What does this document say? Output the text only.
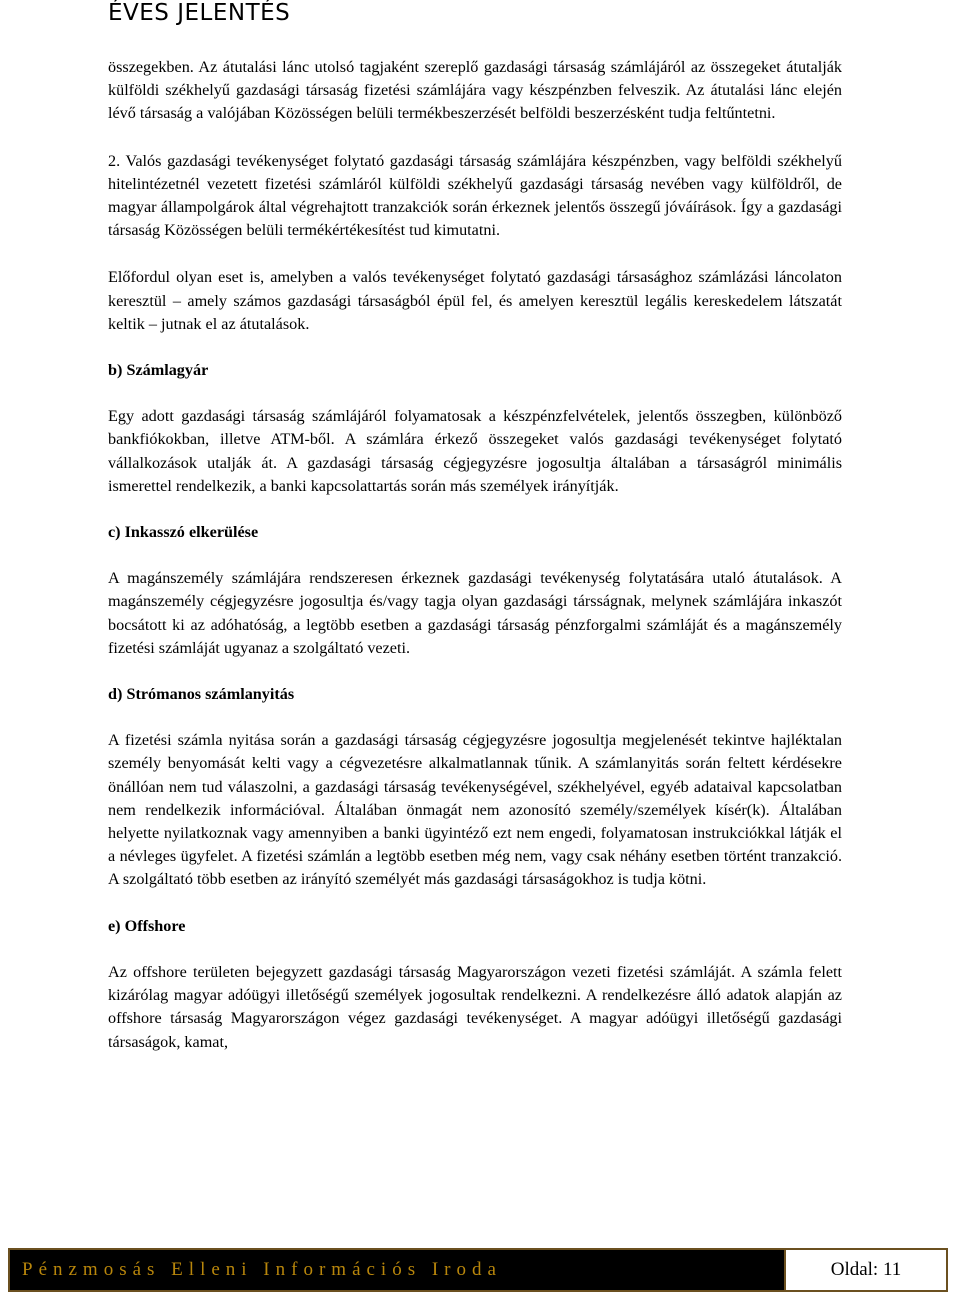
ÉVES JELENTÉS

összegekben. Az átutalási lánc utolsó tagjaként szereplő gazdasági társaság számlájáról az összegeket átutalják külföldi székhelyű gazdasági társaság fizetési számlájára vagy készpénzben felveszik. Az átutalási lánc elején lévő társaság a valójában Közösségen belüli termékbeszerzését belföldi beszerzésként tudja feltűntetni.

2. Valós gazdasági tevékenységet folytató gazdasági társaság számlájára készpénzben, vagy belföldi székhelyű hitelintézetnél vezetett fizetési számláról külföldi székhelyű gazdasági társaság nevében vagy külföldről, de magyar állampolgárok által végrehajtott tranzakciók során érkeznek jelentős összegű jóváírások. Így a gazdasági társaság Közösségen belüli termékértékesítést tud kimutatni.

Előfordul olyan eset is, amelyben a valós tevékenységet folytató gazdasági társasághoz számlázási láncolaton keresztül – amely számos gazdasági társaságból épül fel, és amelyen keresztül legális kereskedelem látszatát keltik – jutnak el az átutalások.

b) Számlagyár

Egy adott gazdasági társaság számlájáról folyamatosak a készpénzfelvételek, jelentős összegben, különböző bankfiókokban, illetve ATM-ből. A számlára érkező összegeket valós gazdasági tevékenységet folytató vállalkozások utalják át. A gazdasági társaság cégjegyzésre jogosultja általában a társaságról minimális ismerettel rendelkezik, a banki kapcsolattartás során más személyek irányítják.

c) Inkasszó elkerülése

A magánszemély számlájára rendszeresen érkeznek gazdasági tevékenység folytatására utaló átutalások. A magánszemély cégjegyzésre jogosultja és/vagy tagja olyan gazdasági társságnak, melynek számlájára inkaszót bocsátott ki az adóhatóság, a legtöbb esetben a gazdasági társaság pénzforgalmi számláját és a magánszemély fizetési számláját ugyanaz a szolgáltató vezeti.

d) Strómanos számlanyitás

A fizetési számla nyitása során a gazdasági társaság cégjegyzésre jogosultja megjelenését tekintve hajléktalan személy benyomását kelti vagy a cégvezetésre alkalmatlannak tűnik. A számlanyitás során feltett kérdésekre önállóan nem tud válaszolni, a gazdasági társaság tevékenységével, székhelyével, egyéb adataival kapcsolatban nem rendelkezik információval. Általában önmagát nem azonosító személy/személyek kísér(k). Általában helyette nyilatkoznak vagy amennyiben a banki ügyintéző ezt nem engedi, folyamatosan instrukciókkal látják el a névleges ügyfelet. A fizetési számlán a legtöbb esetben még nem, vagy csak néhány esetben történt tranzakció. A szolgáltató több esetben az irányító személyét más gazdasági társaságokhoz is tudja kötni.

e) Offshore

Az offshore területen bejegyzett gazdasági társaság Magyarországon vezeti fizetési számláját. A számla felett kizárólag magyar adóügyi illetőségű személyek jogosultak rendelkezni. A rendelkezésre álló adatok alapján az offshore társaság Magyarországon végez gazdasági tevékenységet. A magyar adóügyi illetőségű gazdasági társaságok, kamat,

Pénzmosás Elleni Információs Iroda	Oldal: 11
